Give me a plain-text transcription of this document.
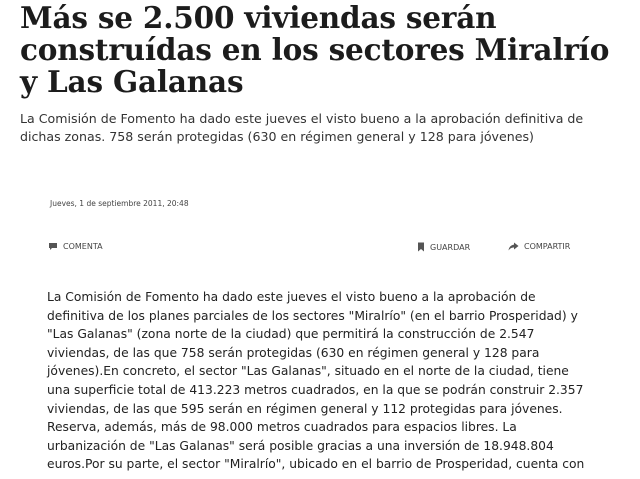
Más se 2.500 viviendas serán construídas en los sectores Miralrío y Las Galanas

La Comisión de Fomento ha dado este jueves el visto bueno a la aprobación definitiva de dichas zonas. 758 serán protegidas (630 en régimen general y 128 para jóvenes)

Jueves, 1 de septiembre 2011, 20:48

COMENTA	GUARDAR	COMPARTIR

La Comisión de Fomento ha dado este jueves el visto bueno a la aprobación de definitiva de los planes parciales de los sectores "Miralrío" (en el barrio Prosperidad) y "Las Galanas" (zona norte de la ciudad) que permitirá la construcción de 2.547 viviendas, de las que 758 serán protegidas (630 en régimen general y 128 para jóvenes).En concreto, el sector "Las Galanas", situado en el norte de la ciudad, tiene una superficie total de 413.223 metros cuadrados, en la que se podrán construir 2.357 viviendas, de las que 595 serán en régimen general y 112 protegidas para jóvenes. Reserva, además, más de 98.000 metros cuadrados para espacios libres. La urbanización de "Las Galanas" será posible gracias a una inversión de 18.948.804 euros.Por su parte, el sector "Miralrío", ubicado en el barrio de Prosperidad, cuenta con
